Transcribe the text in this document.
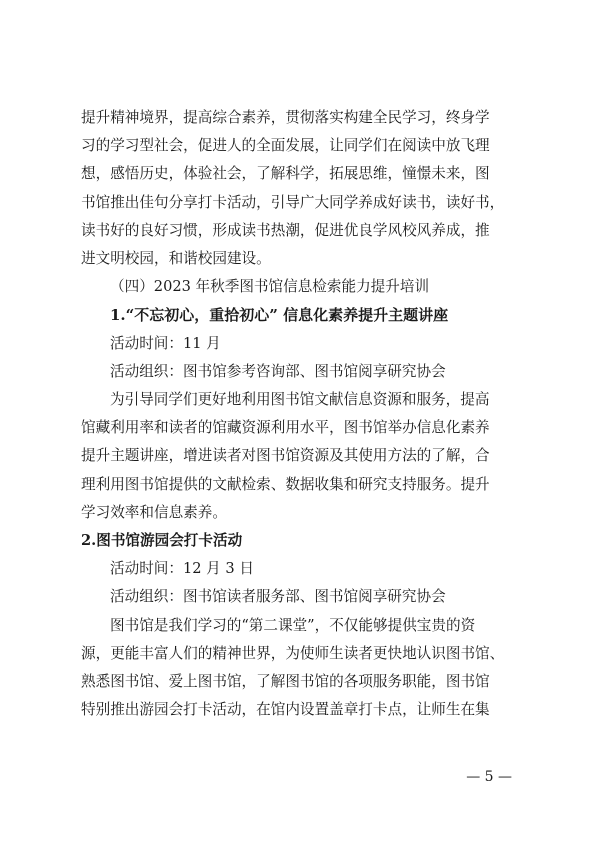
提升精神境界，提高综合素养，贯彻落实构建全民学习，终身学

习的学习型社会，促进人的全面发展，让同学们在阅读中放飞理

想，感悟历史，体验社会，了解科学，拓展思维，憧憬未来，图

书馆推出佳句分享打卡活动，引导广大同学养成好读书，读好书，

读书好的良好习惯，形成读书热潮，促进优良学风校风养成，推

进文明校园，和谐校园建设。

（四）2023 年秋季图书馆信息检索能力提升培训

1.“不忘初心，重拾初心” 信息化素养提升主题讲座

活动时间：11 月

活动组织：图书馆参考咨询部、图书馆阅享研究协会

为引导同学们更好地利用图书馆文献信息资源和服务，提高

馆藏利用率和读者的馆藏资源利用水平，图书馆举办信息化素养

提升主题讲座，增进读者对图书馆资源及其使用方法的了解，合

理利用图书馆提供的文献检索、数据收集和研究支持服务。提升

学习效率和信息素养。

2.图书馆游园会打卡活动

活动时间：12 月 3 日

活动组织：图书馆读者服务部、图书馆阅享研究协会

图书馆是我们学习的“第二课堂”，不仅能够提供宝贵的资

源，更能丰富人们的精神世界，为使师生读者更快地认识图书馆、

熟悉图书馆、爱上图书馆，了解图书馆的各项服务职能，图书馆

特别推出游园会打卡活动，在馆内设置盖章打卡点，让师生在集

— 5 —
